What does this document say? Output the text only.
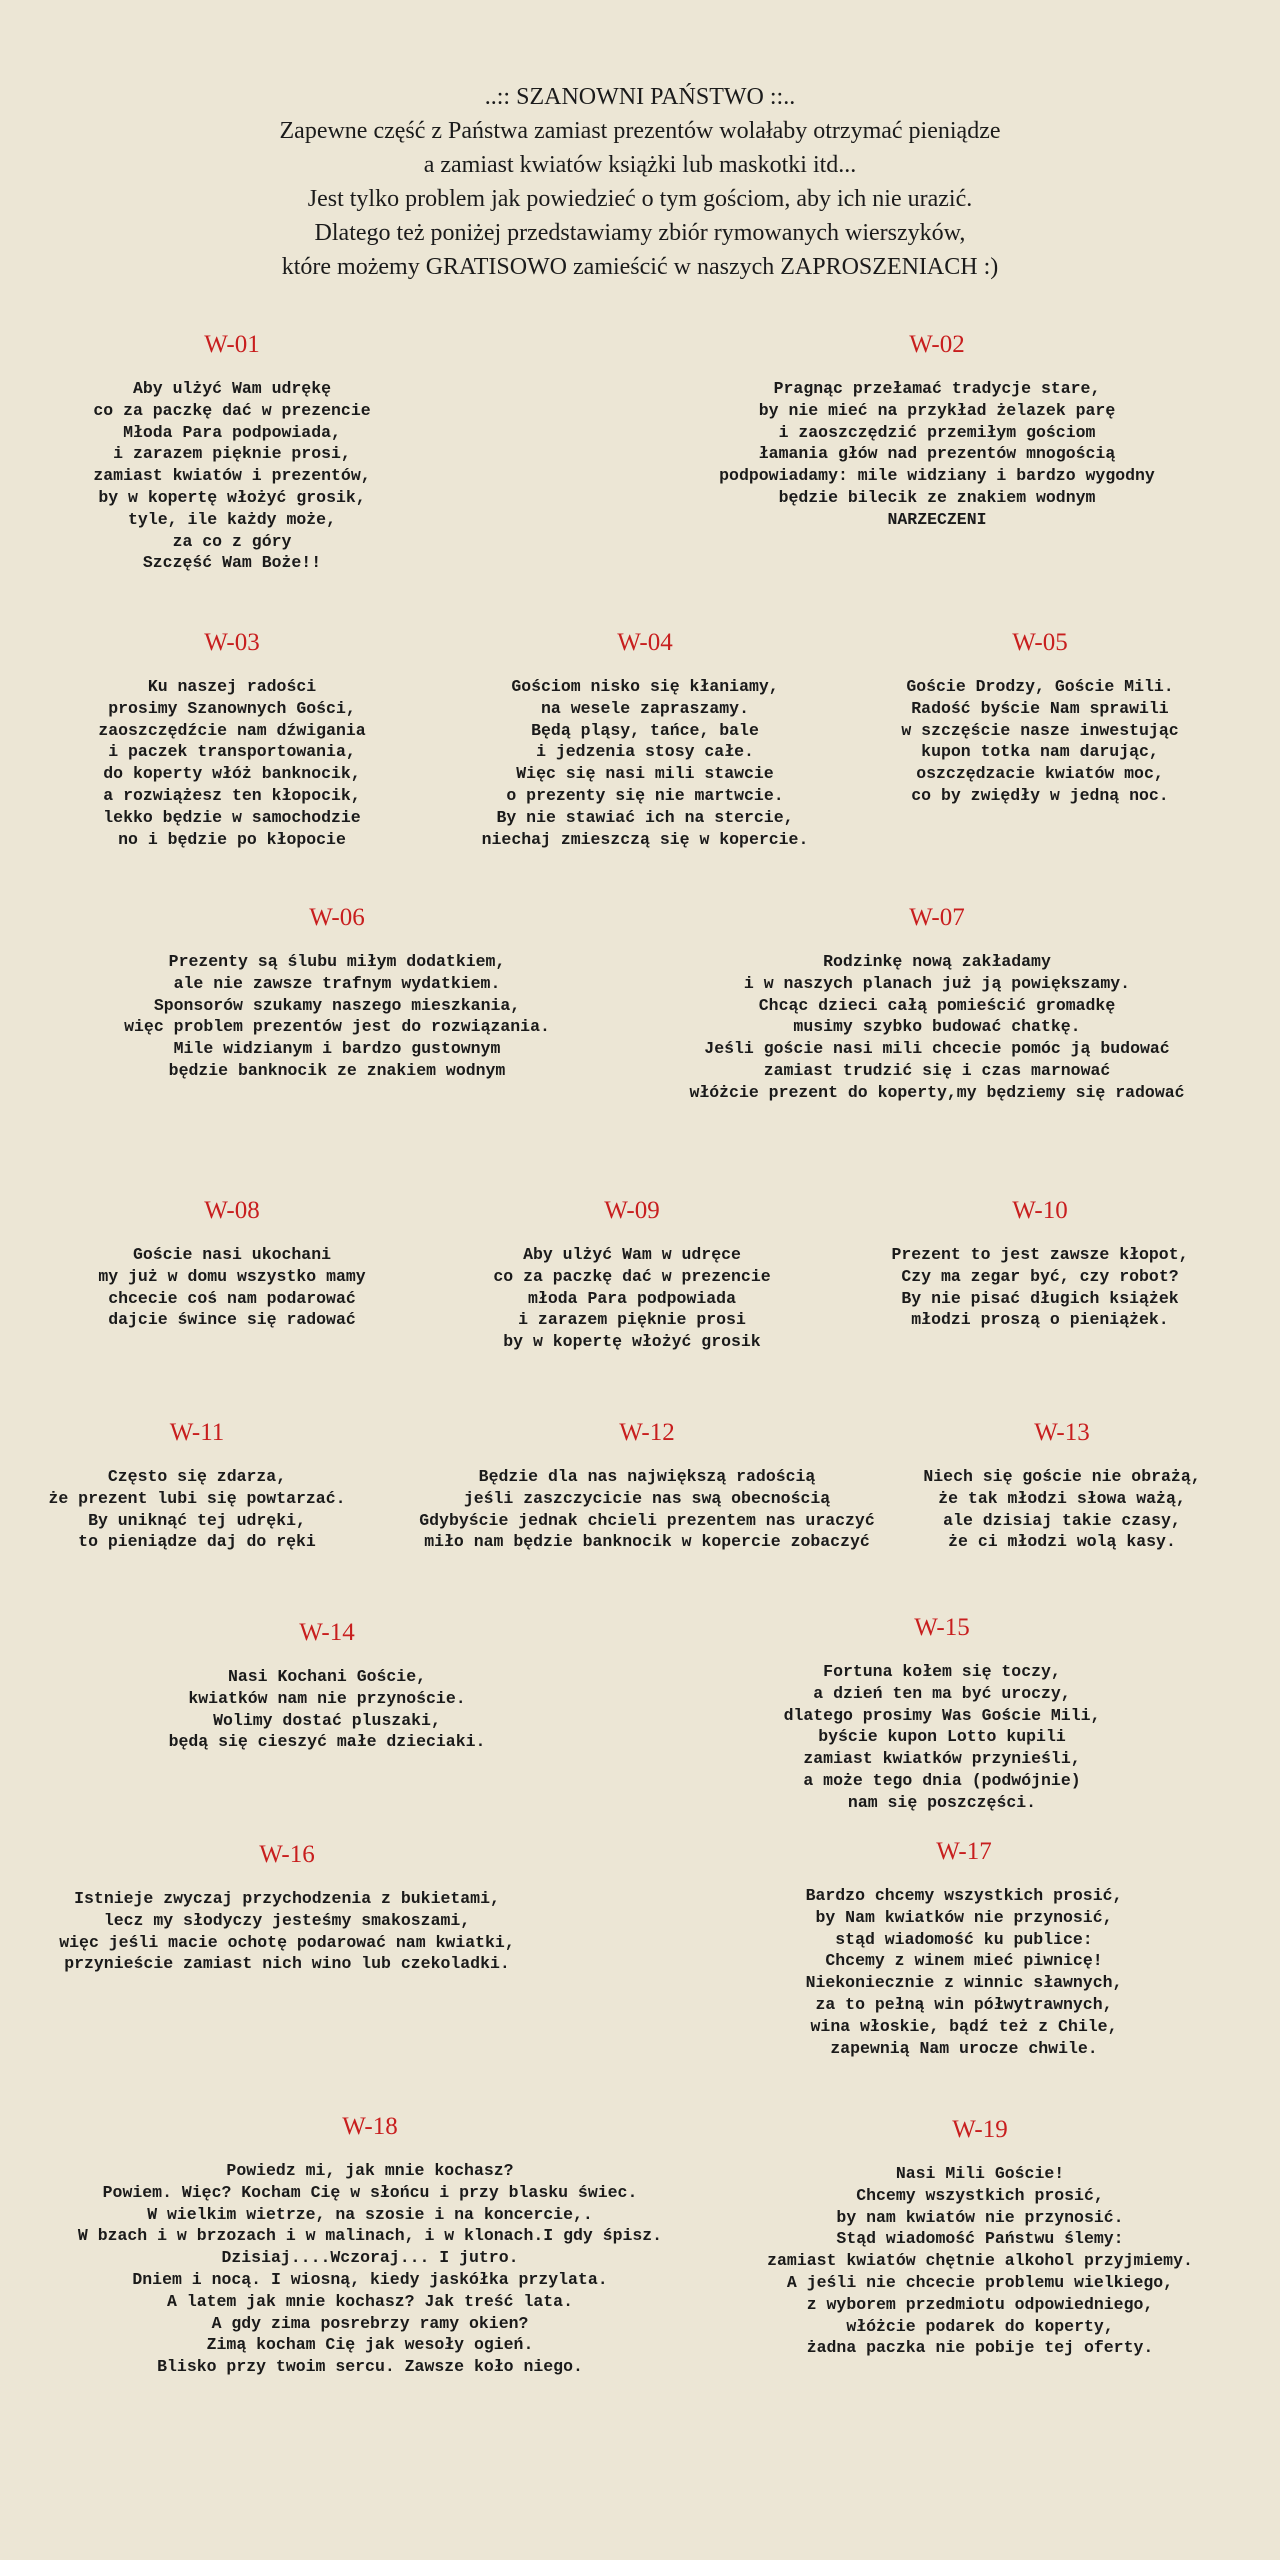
..:: SZANOWNI PAŃSTWO ::..
Zapewne część z Państwa zamiast prezentów wolałaby otrzymać pieniądze
a zamiast kwiatów książki lub maskotki itd...
Jest tylko problem jak powiedzieć o tym gościom, aby ich nie urazić.
Dlatego też poniżej przedstawiamy zbiór rymowanych wierszyków,
które możemy GRATISOWO zamieścić w naszych ZAPROSZENIACH :)
W-01
Aby ulżyć Wam udrękę
co za paczkę dać w prezencie
Młoda Para podpowiada,
i zarazem pięknie prosi,
zamiast kwiatów i prezentów,
by w kopertę włożyć grosik,
tyle, ile każdy może,
za co z góry
Szczęść Wam Boże!!
W-02
Pragnąc przełamać tradycje stare,
by nie mieć na przykład żelazek parę
i zaoszczędzić przemiłym gościom
łamania głów nad prezentów mnogością
podpowiadamy: mile widziany i bardzo wygodny
będzie bilecik ze znakiem wodnym
NARZECZENI
W-03
Ku naszej radości
prosimy Szanownych Gości,
zaoszczędźcie nam dźwigania
i paczek transportowania,
do koperty włóż banknocik,
a rozwiążesz ten kłopocik,
lekko będzie w samochodzie
no i będzie po kłopocie
W-04
Gościom nisko się kłaniamy,
na wesele zapraszamy.
Będą pląsy, tańce, bale
i jedzenia stosy całe.
Więc się nasi mili stawcie
o prezenty się nie martwcie.
By nie stawiać ich na stercie,
niechaj zmieszczą się w kopercie.
W-05
Goście Drodzy, Goście Mili.
Radość byście Nam sprawili
w szczęście nasze inwestując
kupon totka nam darując,
oszczędzacie kwiatów moc,
co by zwiędły w jedną noc.
W-06
Prezenty są ślubu miłym dodatkiem,
ale nie zawsze trafnym wydatkiem.
Sponsorów szukamy naszego mieszkania,
więc problem prezentów jest do rozwiązania.
Mile widzianym i bardzo gustownym
będzie banknocik ze znakiem wodnym
W-07
Rodzinkę nową zakładamy
i w naszych planach już ją powiększamy.
Chcąc dzieci całą pomieścić gromadkę
musimy szybko budować chatkę.
Jeśli goście nasi mili chcecie pomóc ją budować
zamiast trudzić się i czas marnować
włóżcie prezent do koperty,my będziemy się radować
W-08
Goście nasi ukochani
my już w domu wszystko mamy
chcecie coś nam podarować
dajcie śwince się radować
W-09
Aby ulżyć Wam w udręce
co za paczkę dać w prezencie
młoda Para podpowiada
i zarazem pięknie prosi
by w kopertę włożyć grosik
W-10
Prezent to jest zawsze kłopot,
Czy ma zegar być, czy robot?
By nie pisać długich książek
młodzi proszą o pieniążek.
W-11
Często się zdarza,
że prezent lubi się powtarzać.
By uniknąć tej udręki,
to pieniądze daj do ręki
W-12
Będzie dla nas największą radością
jeśli zaszczycicie nas swą obecnością
Gdybyście jednak chcieli prezentem nas uraczyć
miło nam będzie banknocik w kopercie zobaczyć
W-13
Niech się goście nie obrażą,
że tak młodzi słowa ważą,
ale dzisiaj takie czasy,
że ci młodzi wolą kasy.
W-14
Nasi Kochani Goście,
kwiatków nam nie przynoście.
Wolimy dostać pluszaki,
będą się cieszyć małe dzieciaki.
W-15
Fortuna kołem się toczy,
a dzień ten ma być uroczy,
dlatego prosimy Was Goście Mili,
byście kupon Lotto kupili
zamiast kwiatków przynieśli,
a może tego dnia (podwójnie)
nam się poszczęści.
W-16
Istnieje zwyczaj przychodzenia z bukietami,
lecz my słodyczy jesteśmy smakoszami,
więc jeśli macie ochotę podarować nam kwiatki,
przynieście zamiast nich wino lub czekoladki.
W-17
Bardzo chcemy wszystkich prosić,
by Nam kwiatków nie przynosić,
stąd wiadomość ku publice:
Chcemy z winem mieć piwnicę!
Niekoniecznie z winnic sławnych,
za to pełną win półwytrawnych,
wina włoskie, bądź też z Chile,
zapewnią Nam urocze chwile.
W-18
Powiedz mi, jak mnie kochasz?
Powiem. Więc? Kocham Cię w słońcu i przy blasku świec.
W wielkim wietrze, na szosie i na koncercie,.
W bzach i w brzozach i w malinach, i w klonach.I gdy śpisz.
Dzisiaj....Wczoraj... I jutro.
Dniem i nocą. I wiosną, kiedy jaskółka przylata.
A latem jak mnie kochasz? Jak treść lata.
A gdy zima posrebrzy ramy okien?
Zimą kocham Cię jak wesoły ogień.
Blisko przy twoim sercu. Zawsze koło niego.
W-19
Nasi Mili Goście!
Chcemy wszystkich prosić,
by nam kwiatów nie przynosić.
Stąd wiadomość Państwu ślemy:
zamiast kwiatów chętnie alkohol przyjmiemy.
A jeśli nie chcecie problemu wielkiego,
z wyborem przedmiotu odpowiedniego,
włóżcie podarek do koperty,
żadna paczka nie pobije tej oferty.
